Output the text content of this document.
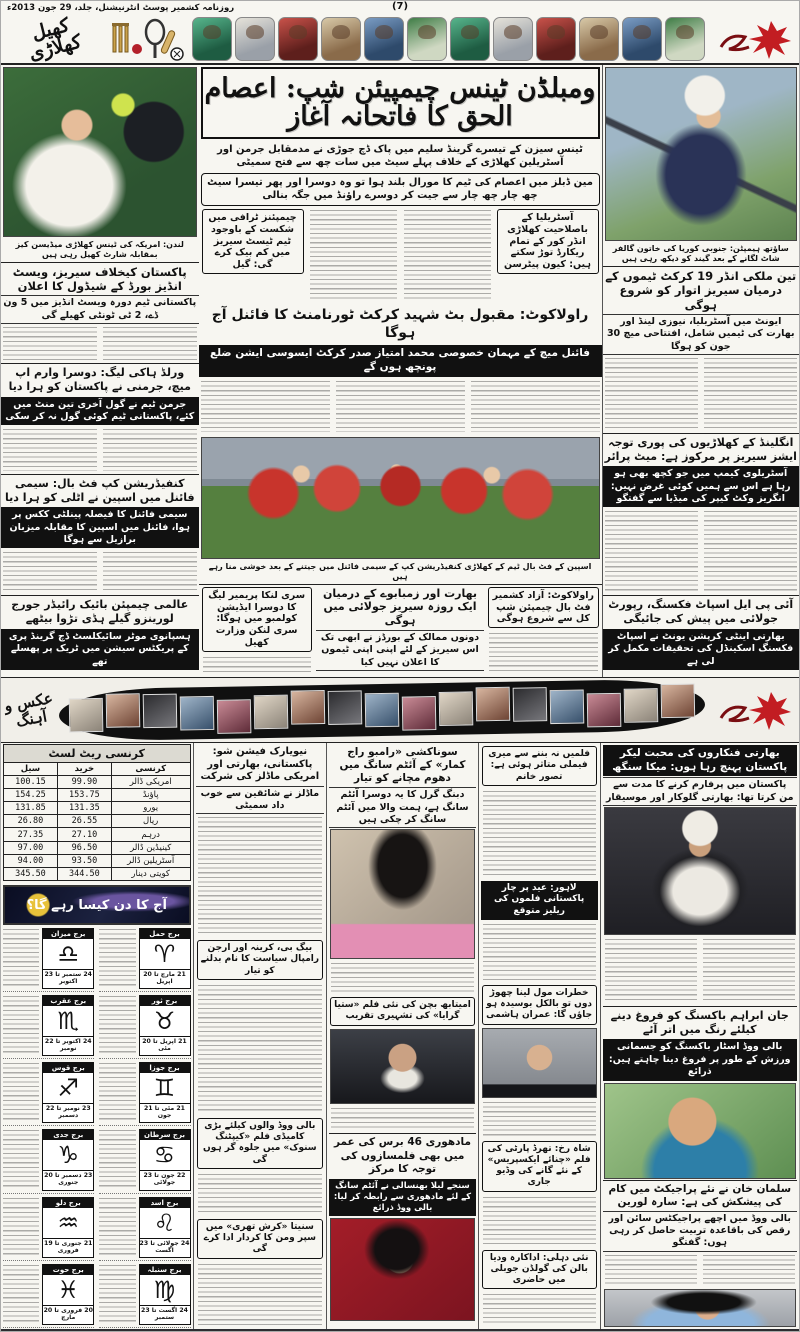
(7)
روزنامہ کشمیر پوسٹ انٹرنیشنل، جلد، 29 جون 2013ء
کھیل کھلاڑی
ساؤتھ ہیمپٹن: جنوبی کوریا کی خاتون گالفر شاٹ لگانے کے بعد گیند کو دیکھ رہی ہیں
تین ملکی انڈر 19 کرکٹ ٹیموں کے درمیان سیریز اتوار کو شروع ہوگی
ایونٹ میں آسٹریلیا، نیوزی لینڈ اور بھارت کی ٹیمیں شامل، افتتاحی میچ 30 جون کو ہوگا
انگلینڈ کے کھلاڑیوں کی پوری توجہ ایشز سیریز پر مرکوز ہے: میٹ پرائر
آسٹریلوی کیمپ میں جو کچھ بھی ہو رہا ہے اس سے ہمیں کوئی غرض نہیں: انگریز وکٹ کیپر کی میڈیا سے گفتگو
آئی پی ایل اسپاٹ فکسنگ، رپورٹ جولائی میں پیش کی جائیگی
بھارتی اینٹی کرپشن یونٹ نے اسپاٹ فکسنگ اسکینڈل کی تحقیقات مکمل کر لی ہے
ومبلڈن ٹینس چیمپیئن شپ: اعصام الحق کا فاتحانہ آغاز
ٹینس سیزن کے تیسرے گرینڈ سلیم میں پاک ڈچ جوڑی نے مدمقابل جرمن اور آسٹریلین کھلاڑی کے خلاف پہلے سیٹ میں سات چھ سے فتح سمیٹی
مین ڈبلز میں اعصام کی ٹیم کا مورال بلند ہوا تو وہ دوسرا اور پھر تیسرا سیٹ چھ چار چھ چار سے جیت کر دوسرے راؤنڈ میں جگہ بنالی
آسٹریلیا کے باصلاحیت کھلاڑی انڈر کور کے تمام ریکارڈ توڑ سکتے ہیں: کیون پیٹرسن
چیمپئنز ٹرافی میں شکست کے باوجود ٹیم ٹیسٹ سیریز میں کم بیک کرے گی: گیل
راولاکوٹ: مقبول بٹ شہید کرکٹ ٹورنامنٹ کا فائنل آج ہوگا
فائنل میچ کے مہمان خصوصی محمد امتیاز صدر کرکٹ ایسوسی ایشن ضلع پونچھ ہوں گے
اسپین کے فٹ بال ٹیم کے کھلاڑی کنفیڈریشن کپ کے سیمی فائنل میں جیتنے کے بعد خوشی منا رہے ہیں
راولاکوٹ: آزاد کشمیر فٹ بال چیمپئن شپ کل سے شروع ہوگی
بھارت اور زمبابوے کے درمیان ایک روزہ سیریز جولائی میں ہوگی
دونوں ممالک کے بورڈز نے ابھی تک اس سیریز کے لئے اپنی اپنی ٹیموں کا اعلان نہیں کیا
سری لنکا پریمیر لیگ کا دوسرا ایڈیشن کولمبو میں ہوگا: سری لنکن وزارت کھیل
لندن: امریکہ کی ٹینس کھلاڑی میڈیسن کیز بمقابلہ شارٹ کھیل رہی ہیں
پاکستان کیخلاف سیریز، ویسٹ انڈیز بورڈ کے شیڈول کا اعلان
پاکستانی ٹیم دورہ ویسٹ انڈیز میں 5 ون ڈے، 2 ٹی ٹونٹی کھیلے گی
ورلڈ ہاکی لیگ: دوسرا وارم اپ میچ، جرمنی نے پاکستان کو ہرا دیا
جرمن ٹیم نے گول آخری تین منٹ میں کئے، پاکستانی ٹیم کوئی گول نہ کر سکی
کنفیڈریشن کپ فٹ بال: سیمی فائنل میں اسپین نے اٹلی کو ہرا دیا
سیمی فائنل کا فیصلہ پینلٹی ککس پر ہوا، فائنل میں اسپین کا مقابلہ میزبان برازیل سے ہوگا
عالمی چیمپئن بائیک رائیڈر جورج لورینزو گیلے ہڈی تڑوا بیٹھے
ہسپانوی موٹر سائیکلسٹ ڈچ گرینڈ پری کے پریکٹس سیشن میں ٹریک پر پھسلے تھے
عکس و آہنگ
بھارتی فنکاروں کی محبت لیکر پاکستان پہنچ رہا ہوں: میکا سنگھ
پاکستان میں پرفارم کرنے کا مدت سے من کرتا تھا: بھارتی گلوکار اور موسیقار
جان ابراہم باکسنگ کو فروغ دینے کیلئے رنگ میں اتر آئے
بالی ووڈ اسٹار باکسنگ کو جسمانی ورزش کے طور پر فروغ دینا چاہتے ہیں: ذرائع
سلمان خان نے نئے پراجیکٹ میں کام کی پیشکش کی ہے: سارہ لورین
بالی ووڈ میں اچھے پراجیکٹس سائن اور رقص کی باقاعدہ تربیت حاصل کر رہی ہوں: گفتگو
فلمیں نہ بننے سے میری فیملی متاثر ہوئی ہے: تصور خانم
لاہور: عید پر چار پاکستانی فلموں کی ریلیز متوقع
خطرات مول لینا چھوڑ دوں تو بالکل بوسیدہ ہو جاؤں گا: عمران ہاشمی
شاہ رخ: تھرڈ پارٹی کی فلم «چنائے ایکسپریس» کے نئے گانے کی وڈیو جاری
نئی دہلی: اداکارہ ودیا بالن کی گولڈن جوبلی میں حاضری
سوناکشی «رامبو راج کمار» کے آئٹم سانگ میں دھوم مچانے کو تیار
دبنگ گرل کا یہ دوسرا آئٹم سانگ ہے، ہمت والا میں آئٹم سانگ کر چکی ہیں
امیتابھ بچن کی نئی فلم «ستیا گرایا» کی تشہیری تقریب
مادھوری 46 برس کی عمر میں بھی فلمسازوں کی توجہ کا مرکز
سنجے لیلا بھنسالی نے آئٹم سانگ کے لئے مادھوری سے رابطہ کر لیا: بالی ووڈ ذرائع
نیویارک فیشن شو: پاکستانی، بھارتی اور امریکی ماڈلز کی شرکت
ماڈلز نے شائقین سے خوب داد سمیٹی
بیگ بی، کرینہ اور ارجن رامپال سیاست کا نام بدلنے کو تیار
بالی ووڈ والوں کیلئے بڑی کامیڈی فلم «کیپٹنگ سنوک» میں جلوہ گر ہوں گی
سنیتا «کرش تھری» میں سپر ومن کا کردار ادا کرے گی
کرنسی ریٹ لسٹ		
کرنسی	خرید	سیل
امریکی ڈالر	99.90	100.15
پاؤنڈ	153.75	154.25
یورو	131.35	131.85
ریال	26.55	26.80
درہم	27.10	27.35
کینیڈین ڈالر	96.50	97.00
آسٹریلین ڈالر	93.50	94.00
کویتی دینار	344.50	345.50
آج کا دن کیسا رہے گا؟
برج حمل
♈
21 مارچ تا 20 اپریل
برج میزان
♎
24 ستمبر تا 23 اکتوبر
برج ثور
♉
21 اپریل تا 20 مئی
برج عقرب
♏
24 اکتوبر تا 22 نومبر
برج جوزا
♊
21 مئی تا 21 جون
برج قوس
♐
23 نومبر تا 22 دسمبر
برج سرطان
♋
22 جون تا 23 جولائی
برج جدی
♑
23 دسمبر تا 20 جنوری
برج اسد
♌
24 جولائی تا 23 اگست
برج دلو
♒
21 جنوری تا 19 فروری
برج سنبلہ
♍
24 اگست تا 23 ستمبر
برج حوت
♓
20 فروری تا 20 مارچ
